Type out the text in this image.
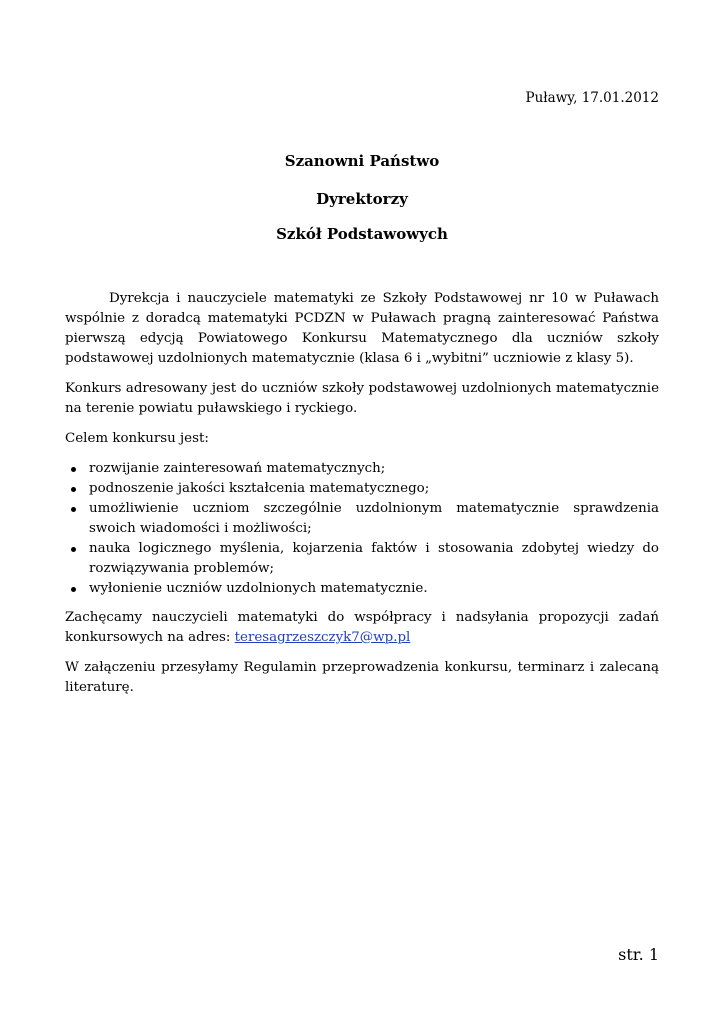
Puławy, 17.01.2012
Szanowni Państwo
Dyrektorzy
Szkół Podstawowych

Dyrekcja i nauczyciele matematyki ze Szkoły Podstawowej nr 10 w Puławach wspólnie z doradcą matematyki PCDZN w Puławach pragną zainteresować Państwa pierwszą edycją Powiatowego Konkursu Matematycznego dla uczniów szkoły podstawowej uzdolnionych matematycznie (klasa 6 i „wybitni” uczniowie z klasy 5).

Konkurs adresowany jest do uczniów szkoły podstawowej uzdolnionych matematycznie na terenie powiatu puławskiego i ryckiego.

Celem konkursu jest:

rozwijanie zainteresowań matematycznych;
podnoszenie jakości kształcenia matematycznego;
umożliwienie uczniom szczególnie uzdolnionym matematycznie sprawdzenia swoich wiadomości i możliwości;
nauka logicznego myślenia, kojarzenia faktów i stosowania zdobytej wiedzy do rozwiązywania problemów;
wyłonienie uczniów uzdolnionych matematycznie.

Zachęcamy nauczycieli matematyki do współpracy i nadsyłania propozycji zadań konkursowych na adres: teresagrzeszczyk7@wp.pl

W załączeniu przesyłamy Regulamin przeprowadzenia konkursu, terminarz i zalecaną literaturę.

str. 1
